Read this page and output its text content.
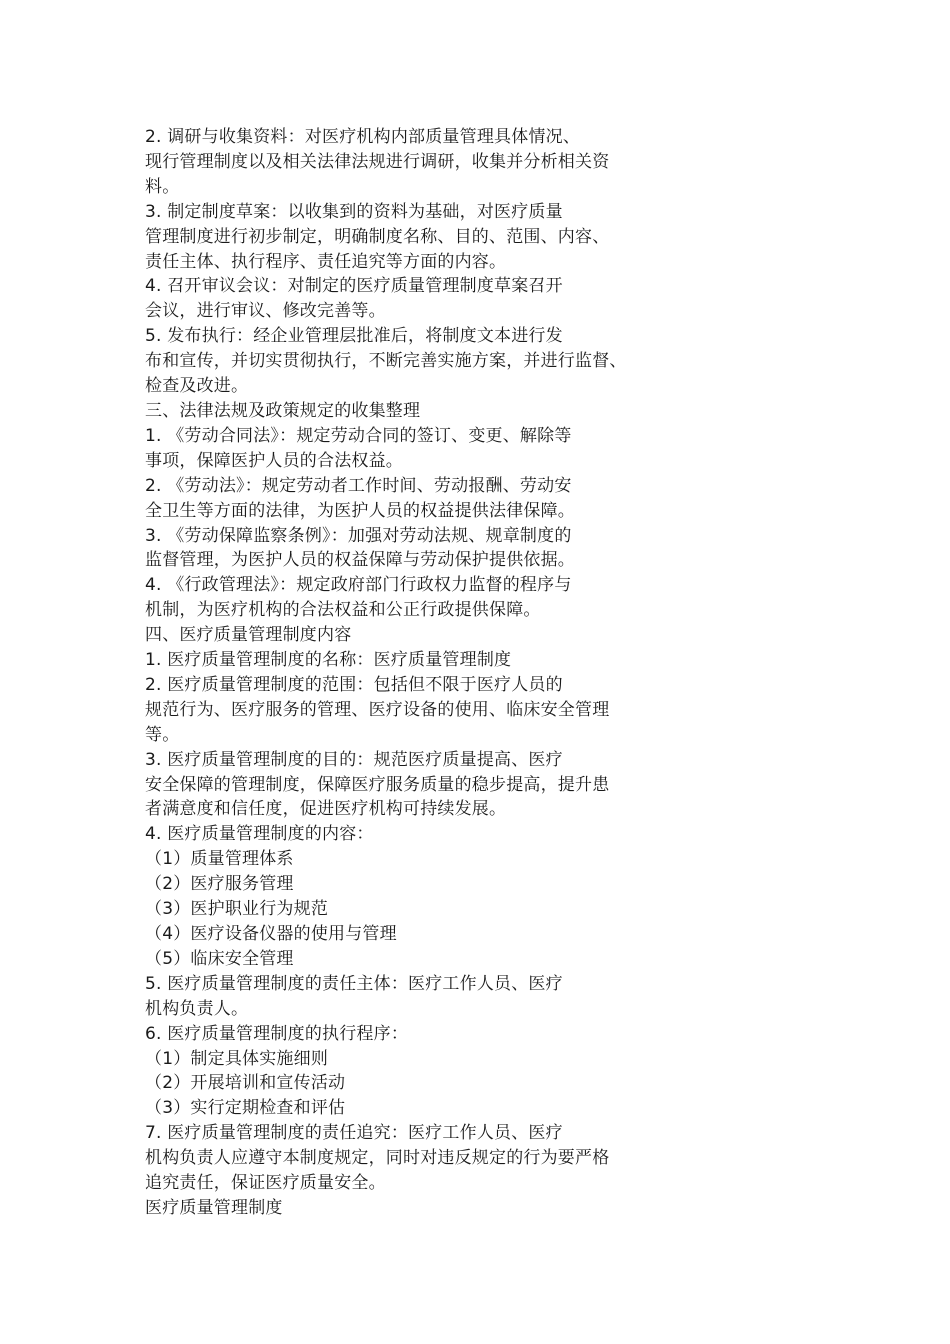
2. 调研与收集资料：对医疗机构内部质量管理具体情况、
现行管理制度以及相关法律法规进行调研，收集并分析相关资
料。
3. 制定制度草案：以收集到的资料为基础，对医疗质量
管理制度进行初步制定，明确制度名称、目的、范围、内容、
责任主体、执行程序、责任追究等方面的内容。
4. 召开审议会议：对制定的医疗质量管理制度草案召开
会议，进行审议、修改完善等。
5. 发布执行：经企业管理层批准后，将制度文本进行发
布和宣传，并切实贯彻执行，不断完善实施方案，并进行监督、
检查及改进。
三、法律法规及政策规定的收集整理
1. 《劳动合同法》：规定劳动合同的签订、变更、解除等
事项，保障医护人员的合法权益。
2. 《劳动法》：规定劳动者工作时间、劳动报酬、劳动安
全卫生等方面的法律，为医护人员的权益提供法律保障。
3. 《劳动保障监察条例》：加强对劳动法规、规章制度的
监督管理，为医护人员的权益保障与劳动保护提供依据。
4. 《行政管理法》：规定政府部门行政权力监督的程序与
机制，为医疗机构的合法权益和公正行政提供保障。
四、医疗质量管理制度内容
1. 医疗质量管理制度的名称：医疗质量管理制度
2. 医疗质量管理制度的范围：包括但不限于医疗人员的
规范行为、医疗服务的管理、医疗设备的使用、临床安全管理
等。
3. 医疗质量管理制度的目的：规范医疗质量提高、医疗
安全保障的管理制度，保障医疗服务质量的稳步提高，提升患
者满意度和信任度，促进医疗机构可持续发展。
4. 医疗质量管理制度的内容：
（1）质量管理体系
（2）医疗服务管理
（3）医护职业行为规范
（4）医疗设备仪器的使用与管理
（5）临床安全管理
5. 医疗质量管理制度的责任主体：医疗工作人员、医疗
机构负责人。
6. 医疗质量管理制度的执行程序：
（1）制定具体实施细则
（2）开展培训和宣传活动
（3）实行定期检查和评估
7. 医疗质量管理制度的责任追究：医疗工作人员、医疗
机构负责人应遵守本制度规定，同时对违反规定的行为要严格
追究责任，保证医疗质量安全。
医疗质量管理制度
